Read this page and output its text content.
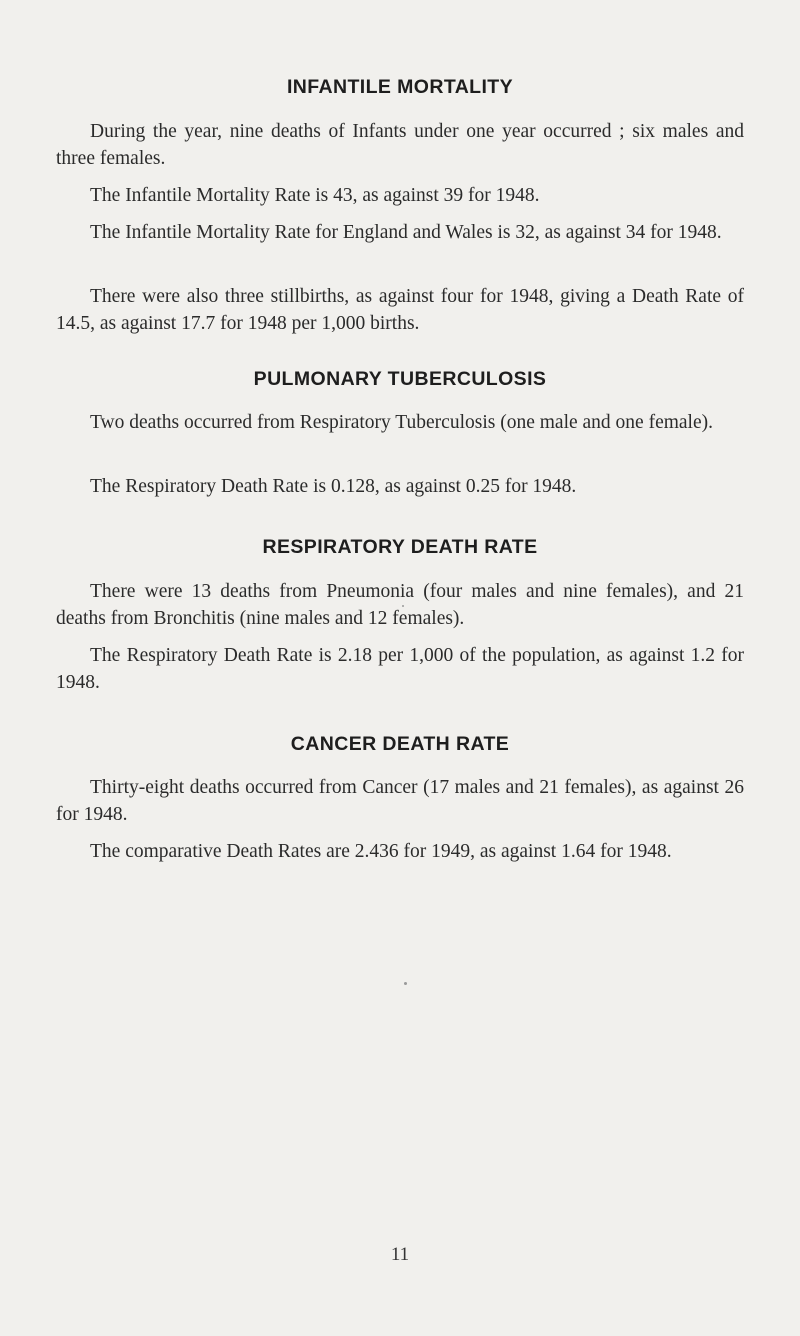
INFANTILE MORTALITY

During the year, nine deaths of Infants under one year occurred ; six males and three females.

The Infantile Mortality Rate is 43, as against 39 for 1948.

The Infantile Mortality Rate for England and Wales is 32, as against 34 for 1948.

There were also three stillbirths, as against four for 1948, giving a Death Rate of 14.5, as against 17.7 for 1948 per 1,000 births.

PULMONARY TUBERCULOSIS

Two deaths occurred from Respiratory Tuberculosis (one male and one female).

The Respiratory Death Rate is 0.128, as against 0.25 for 1948.

RESPIRATORY DEATH RATE

There were 13 deaths from Pneumonia (four males and nine females), and 21 deaths from Bronchitis (nine males and 12 females).

The Respiratory Death Rate is 2.18 per 1,000 of the population, as against 1.2 for 1948.

CANCER DEATH RATE

Thirty-eight deaths occurred from Cancer (17 males and 21 females), as against 26 for 1948.

The comparative Death Rates are 2.436 for 1949, as against 1.64 for 1948.

11
